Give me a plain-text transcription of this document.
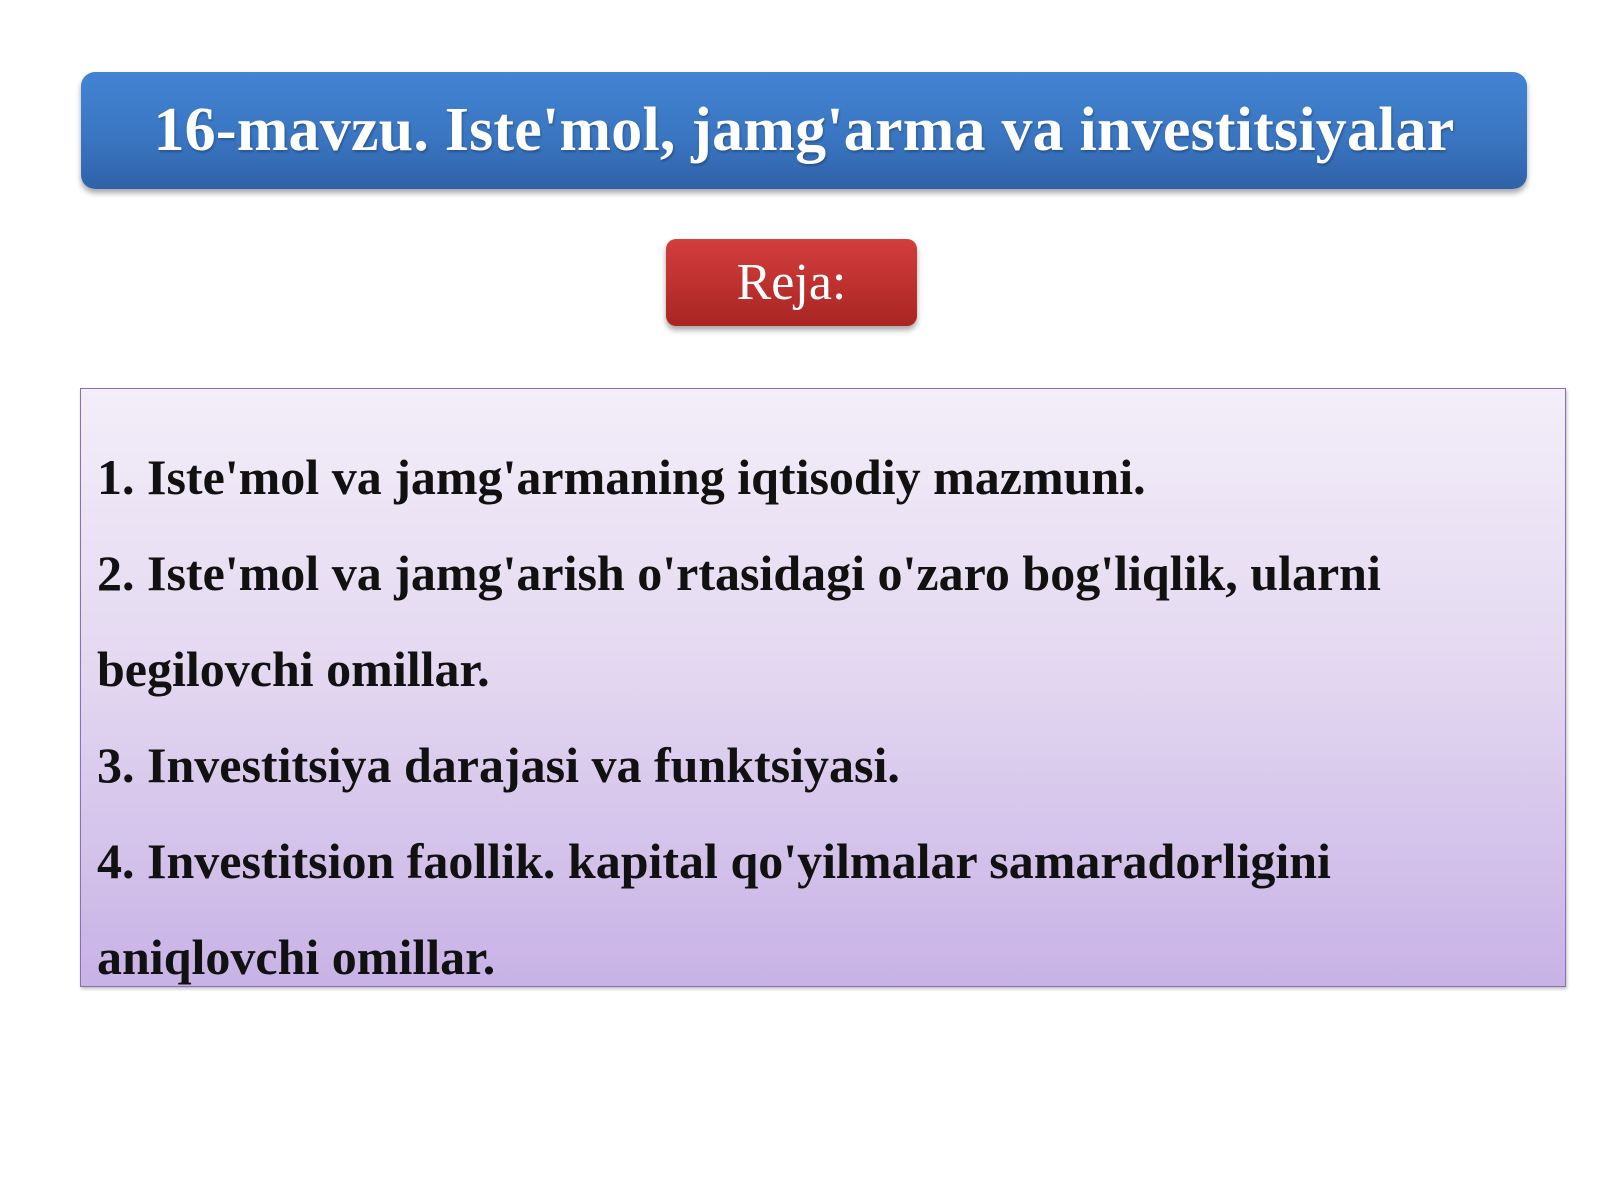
16-mavzu. Iste'mol, jamg'arma va investitsiyalar
Reja:
1. Iste'mol va jamg'armaning iqtisodiy mazmuni.
2. Iste'mol va jamg'arish o'rtasidagi o'zaro bog'liqlik, ularni begilovchi omillar.
3. Investitsiya darajasi va funktsiyasi.
4. Investitsion faollik. kapital qo'yilmalar samaradorligini aniqlovchi omillar.
